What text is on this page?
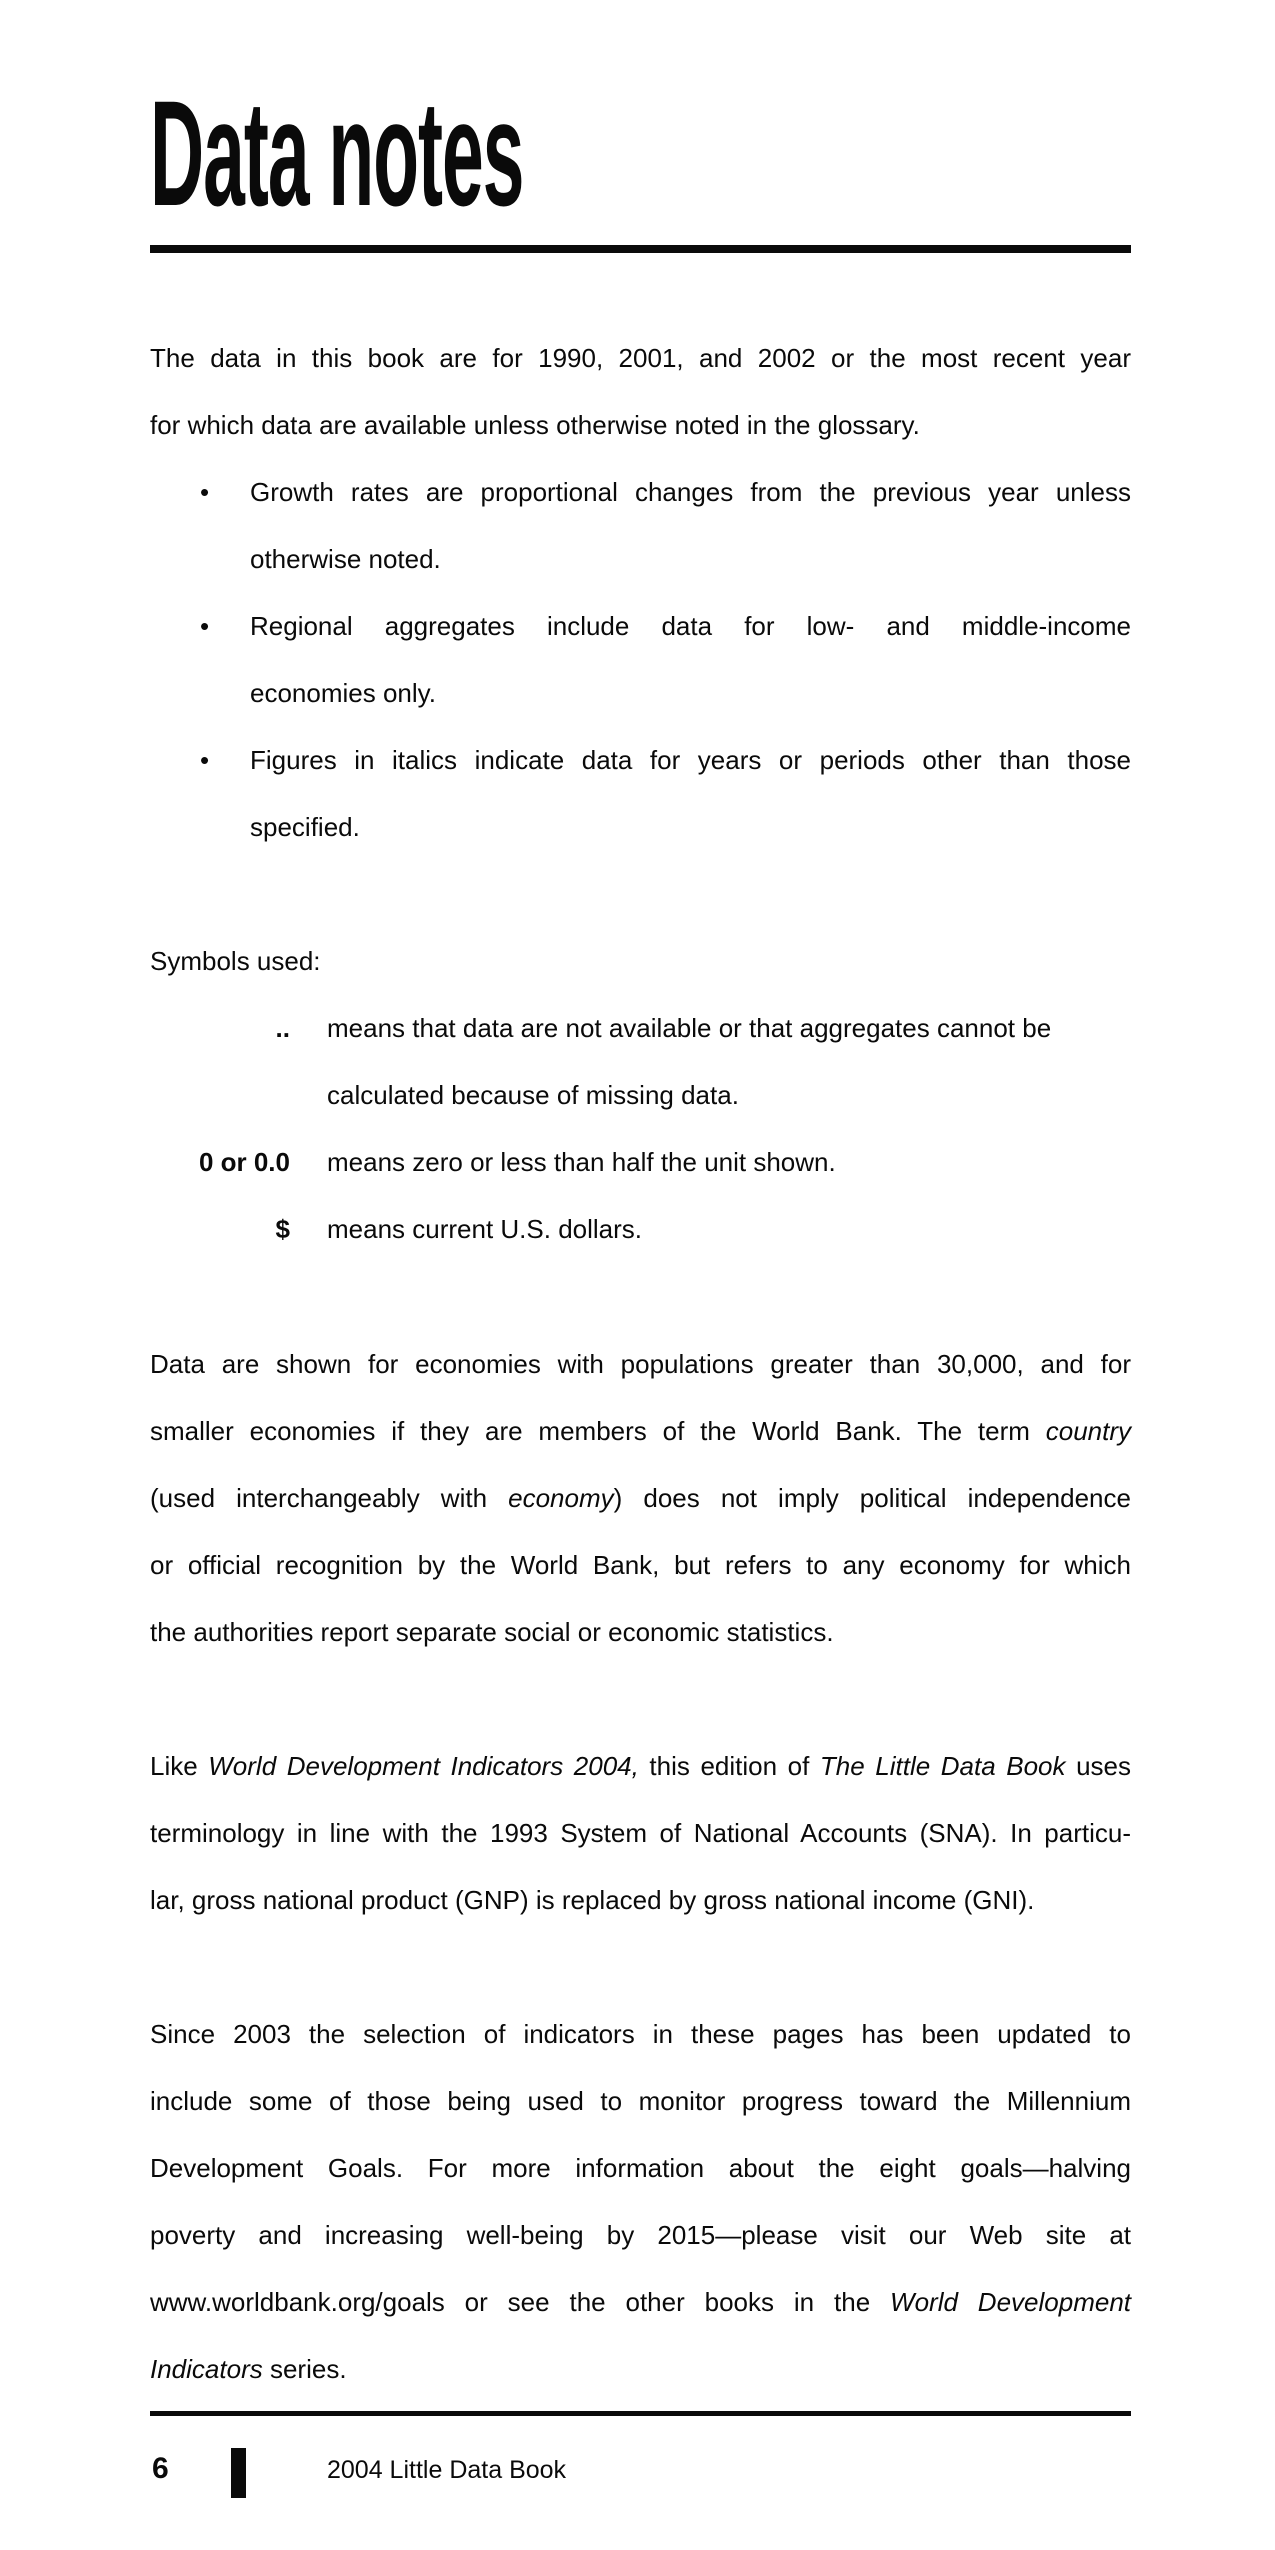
Data notes
The data in this book are for 1990, 2001, and 2002 or the most recent year
for which data are available unless otherwise noted in the glossary.
• Growth rates are proportional changes from the previous year unless
otherwise noted.
• Regional aggregates include data for low- and middle-income
economies only.
• Figures in italics indicate data for years or periods other than those
specified.
Symbols used:
.. means that data are not available or that aggregates cannot be
calculated because of missing data.
0 or 0.0 means zero or less than half the unit shown.
$ means current U.S. dollars.
Data are shown for economies with populations greater than 30,000, and for
smaller economies if they are members of the World Bank. The term country
(used interchangeably with economy) does not imply political independence
or official recognition by the World Bank, but refers to any economy for which
the authorities report separate social or economic statistics.
Like World Development Indicators 2004, this edition of The Little Data Book uses
terminology in line with the 1993 System of National Accounts (SNA). In particu-
lar, gross national product (GNP) is replaced by gross national income (GNI).
Since 2003 the selection of indicators in these pages has been updated to
include some of those being used to monitor progress toward the Millennium
Development Goals. For more information about the eight goals—halving
poverty and increasing well-being by 2015—please visit our Web site at
www.worldbank.org/goals or see the other books in the World Development
Indicators series.
6	2004 Little Data Book
